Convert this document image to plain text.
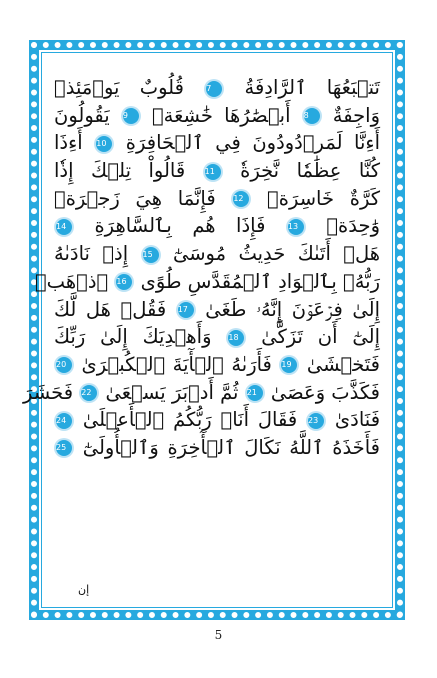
تَتۡبَعُهَا ٱلرَّادِفَةُ 7 قُلُوبٌ يَوۡمَئِذٖ
وَاجِفَةٌ 8 أَبۡصَٰرُهَا خَٰشِعَةٞ 9 يَقُولُونَ
أَءِنَّا لَمَرۡدُودُونَ فِي ٱلۡحَافِرَةِ 10 أَءِذَا
كُنَّا عِظَٰمٗا نَّخِرَةٗ 11 قَالُواْ تِلۡكَ إِذٗا
كَرَّةٌ خَاسِرَةٞ 12 فَإِنَّمَا هِيَ زَجۡرَةٞ
وَٰحِدَةٞ 13 فَإِذَا هُم بِٱلسَّاهِرَةِ 14
هَلۡ أَتَىٰكَ حَدِيثُ مُوسَىٰٓ 15 إِذۡ نَادَىٰهُ
رَبُّهُۥ بِٱلۡوَادِ ٱلۡمُقَدَّسِ طُوًى 16 ٱذۡهَبۡ
إِلَىٰ فِرۡعَوۡنَ إِنَّهُۥ طَغَىٰ 17 فَقُلۡ هَل لَّكَ
إِلَىٰٓ أَن تَزَكَّىٰ 18 وَأَهۡدِيَكَ إِلَىٰ رَبِّكَ
فَتَخۡشَىٰ 19 فَأَرَىٰهُ ٱلۡأٓيَةَ ٱلۡكُبۡرَىٰ 20
فَكَذَّبَ وَعَصَىٰ 21 ثُمَّ أَدۡبَرَ يَسۡعَىٰ 22 فَحَشَرَ
فَنَادَىٰ 23 فَقَالَ أَنَا۠ رَبُّكُمُ ٱلۡأَعۡلَىٰ 24
فَأَخَذَهُ ٱللَّهُ نَكَالَ ٱلۡأٓخِرَةِ وَٱلۡأُولَىٰٓ 25
إن
5
